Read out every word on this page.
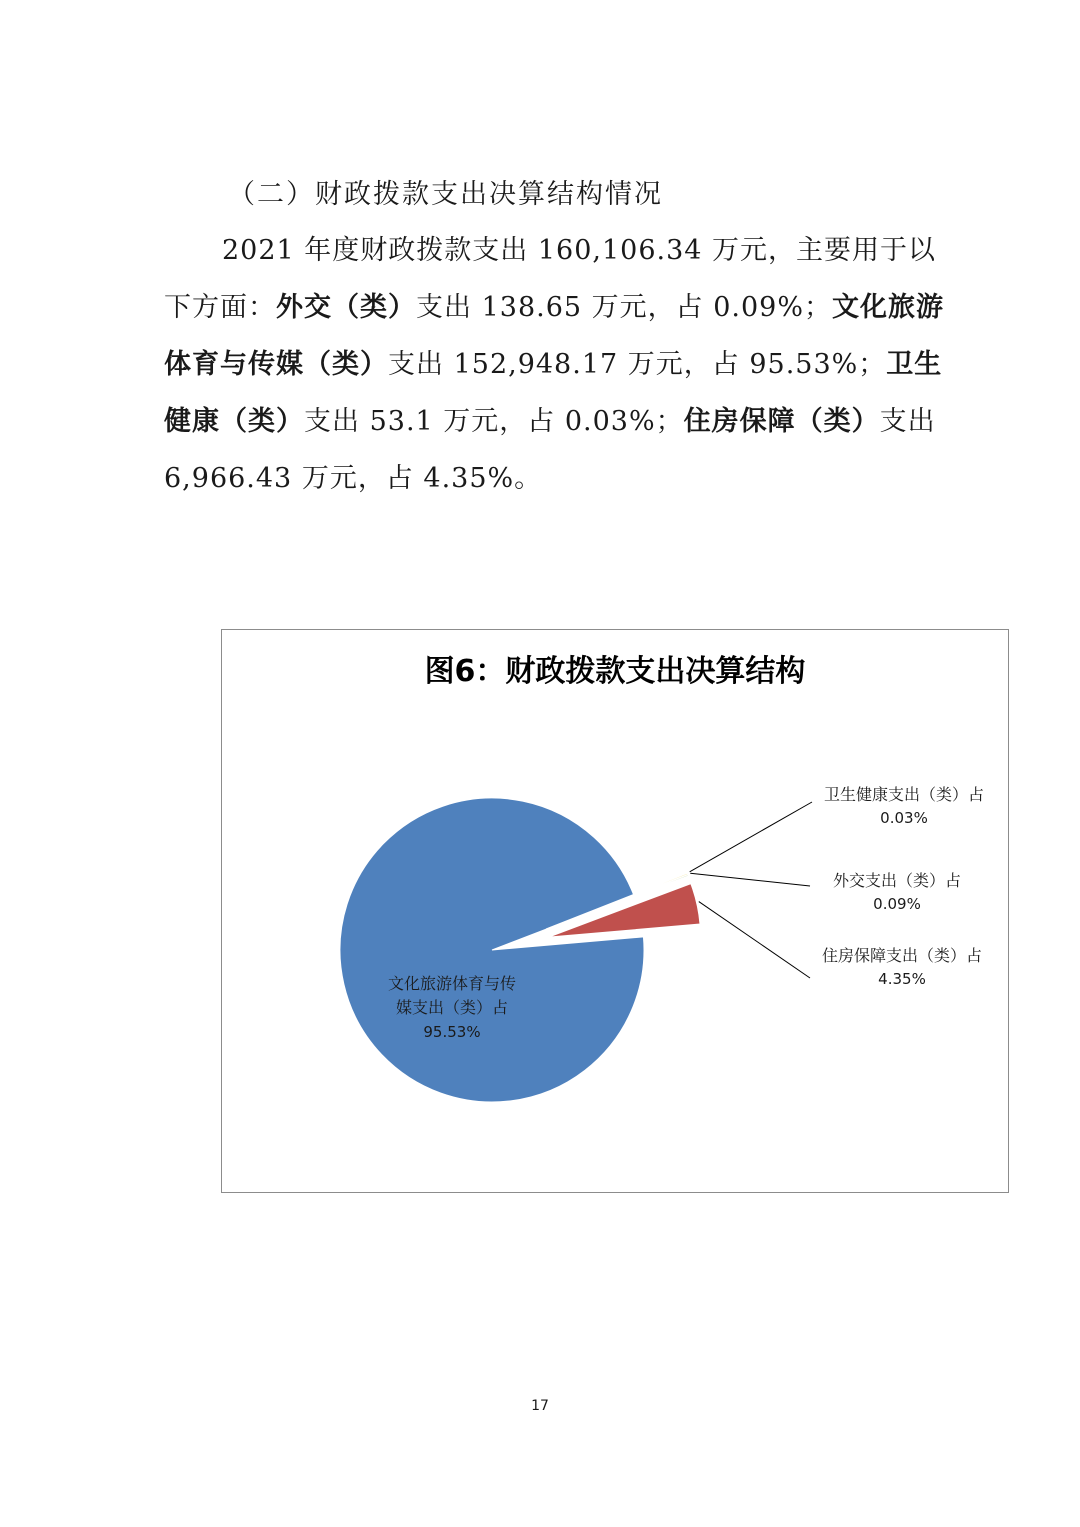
（二）财政拨款支出决算结构情况
2021 年度财政拨款支出 160,106.34 万元，主要用于以
下方面：外交（类）支出 138.65 万元，占 0.09%；文化旅游
体育与传媒（类）支出 152,948.17 万元，占 95.53%；卫生
健康（类）支出 53.1 万元，占 0.03%；住房保障（类）支出
6,966.43 万元，占 4.35%。
图6：财政拨款支出决算结构
文化旅游体育与传
媒支出（类）占
95.53%
卫生健康支出（类）占
0.03%
外交支出（类）占
0.09%
住房保障支出（类）占
4.35%
17
